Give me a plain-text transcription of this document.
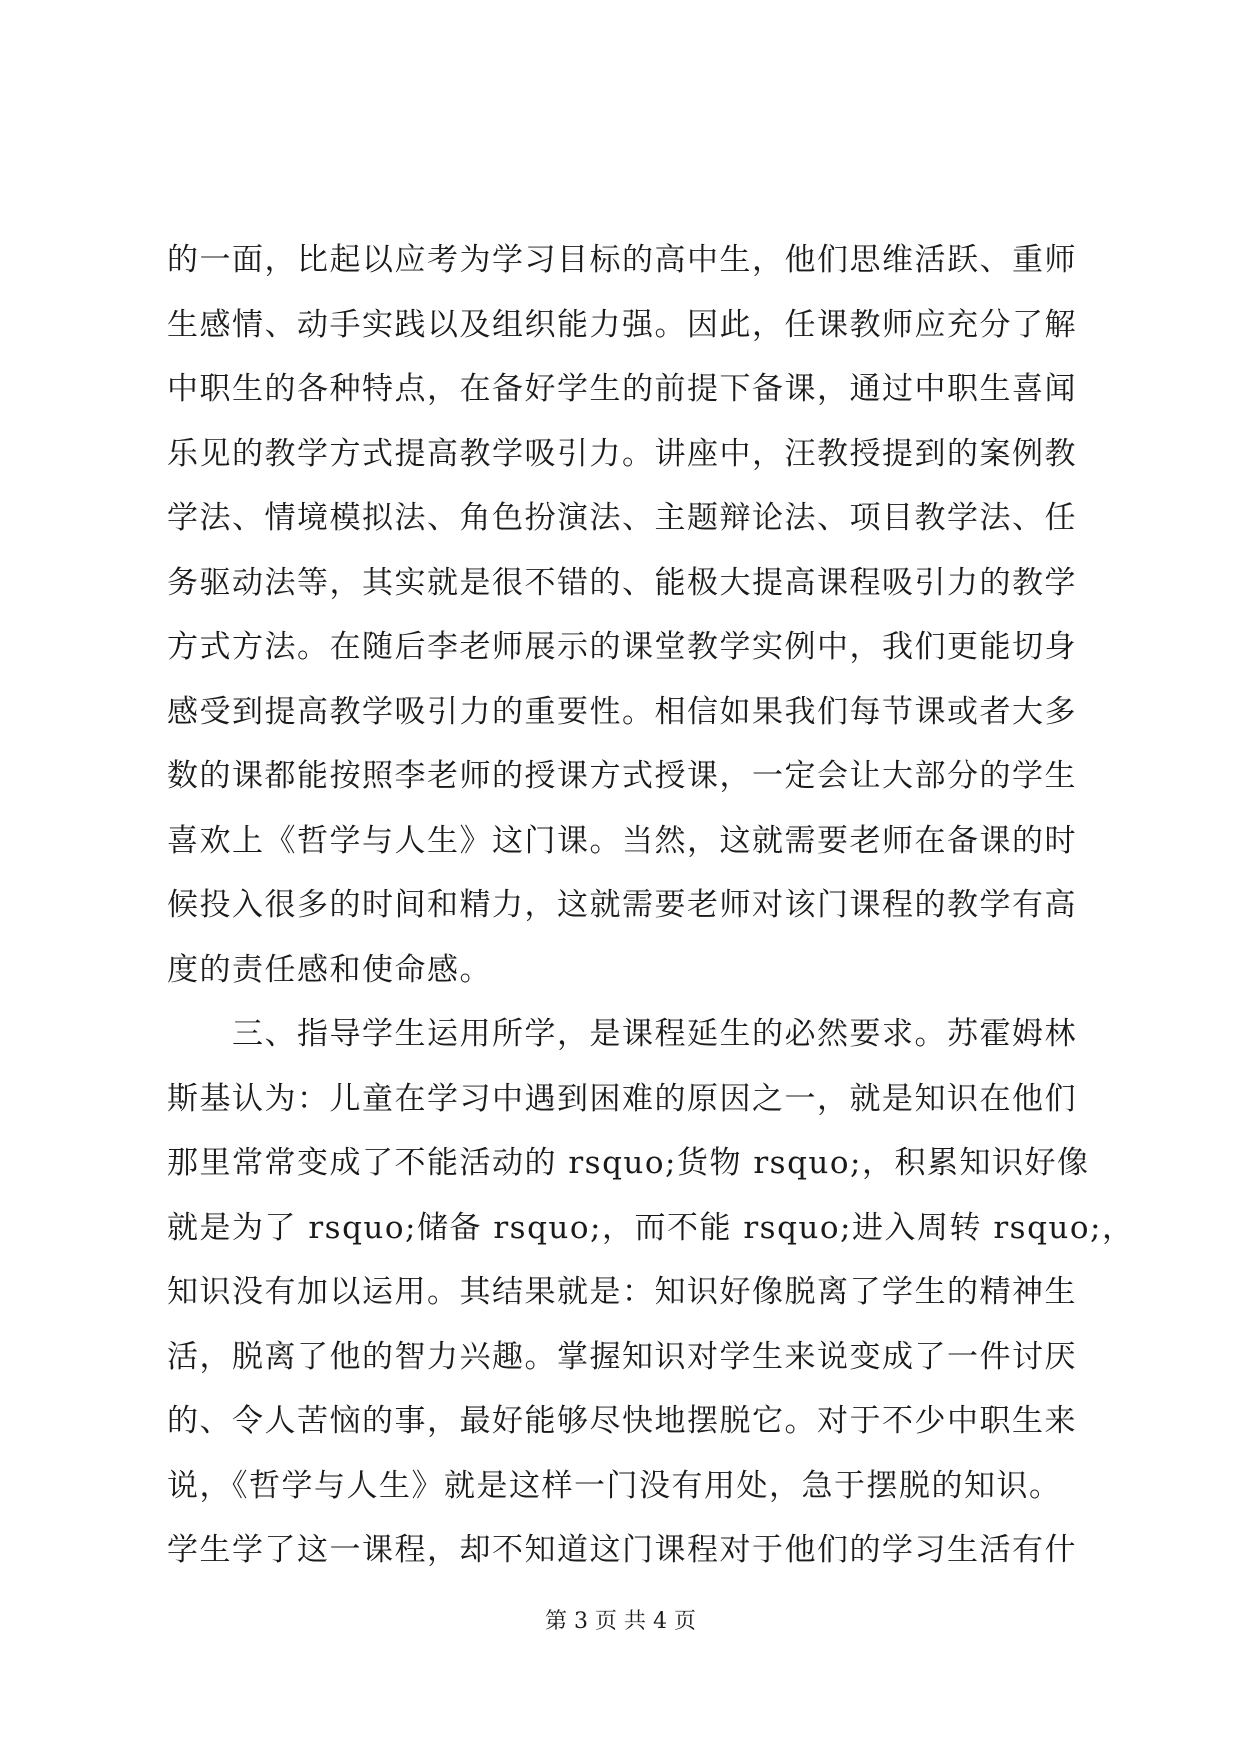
的一面，比起以应考为学习目标的高中生，他们思维活跃、重师
生感情、动手实践以及组织能力强。因此，任课教师应充分了解
中职生的各种特点，在备好学生的前提下备课，通过中职生喜闻
乐见的教学方式提高教学吸引力。讲座中，汪教授提到的案例教
学法、情境模拟法、角色扮演法、主题辩论法、项目教学法、任
务驱动法等，其实就是很不错的、能极大提高课程吸引力的教学
方式方法。在随后李老师展示的课堂教学实例中，我们更能切身
感受到提高教学吸引力的重要性。相信如果我们每节课或者大多
数的课都能按照李老师的授课方式授课，一定会让大部分的学生
喜欢上《哲学与人生》这门课。当然，这就需要老师在备课的时
候投入很多的时间和精力，这就需要老师对该门课程的教学有高
度的责任感和使命感。
　　三、指导学生运用所学，是课程延生的必然要求。苏霍姆林
斯基认为：儿童在学习中遇到困难的原因之一，就是知识在他们
那里常常变成了不能活动的 rsquo;货物 rsquo;，积累知识好像
就是为了 rsquo;储备 rsquo;，而不能 rsquo;进入周转 rsquo;，
知识没有加以运用。其结果就是：知识好像脱离了学生的精神生
活，脱离了他的智力兴趣。掌握知识对学生来说变成了一件讨厌
的、令人苦恼的事，最好能够尽快地摆脱它。对于不少中职生来
说，《哲学与人生》就是这样一门没有用处，急于摆脱的知识。
学生学了这一课程，却不知道这门课程对于他们的学习生活有什
第 3 页 共 4 页
